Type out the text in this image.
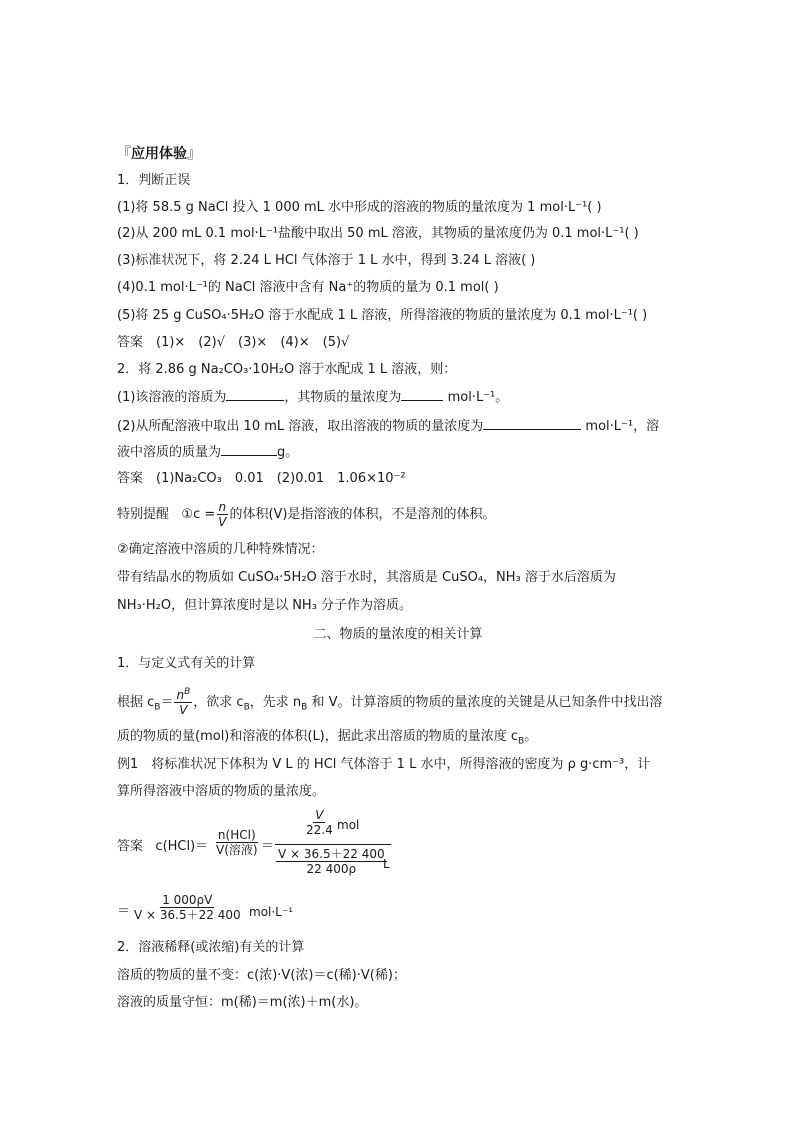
『应用体验』
1．判断正误
(1)将 58.5 g NaCl 投入 1 000 mL 水中形成的溶液的物质的量浓度为 1 mol·L⁻¹( )
(2)从 200 mL 0.1 mol·L⁻¹盐酸中取出 50 mL 溶液，其物质的量浓度仍为 0.1 mol·L⁻¹( )
(3)标准状况下，将 2.24 L HCl 气体溶于 1 L 水中，得到 3.24 L 溶液( )
(4)0.1 mol·L⁻¹的 NaCl 溶液中含有 Na⁺的物质的量为 0.1 mol( )
(5)将 25 g CuSO₄·5H₂O 溶于水配成 1 L 溶液，所得溶液的物质的量浓度为 0.1 mol·L⁻¹( )
答案　(1)×　(2)√　(3)×　(4)×　(5)√
2．将 2.86 g Na₂CO₃·10H₂O 溶于水配成 1 L 溶液，则：
(1)该溶液的溶质为	，其物质的量浓度为	mol·L⁻¹。
(2)从所配溶液中取出 10 mL 溶液，取出溶液的物质的量浓度为	mol·L⁻¹，溶
液中溶质的质量为	g。
答案　(1)Na₂CO₃　0.01　(2)0.01　1.06×10⁻²
特别提醒 ①c = $\frac{n}{V}$ 的体积(V)是指溶液的体积，不是溶剂的体积。
②确定溶液中溶质的几种特殊情况：
带有结晶水的物质如 CuSO₄·5H₂O 溶于水时，其溶质是 CuSO₄，NH₃ 溶于水后溶质为
NH₃·H₂O，但计算浓度时是以 NH₃ 分子作为溶质。
二、物质的量浓度的相关计算
1．与定义式有关的计算
根据 $c_B= \frac{n^B}{V}$ ，欲求 $c_B$，先求 $n_B$ 和 V。计算溶质的物质的量浓度的关键是从已知条件中找出溶
质的物质的量(mol)和溶液的体积(L)，据此求出溶质的物质的量浓度 $c_B$。
例1　将标准状况下体积为 V L 的 HCl 气体溶于 1 L 水中，所得溶液的密度为 ρ g·cm⁻³，计
算所得溶液中溶质的物质的量浓度。
答案 c(HCl)＝
n(HCl)
V(溶液) ＝
$\frac{V}{22.4}$ mol
$\frac{V \times 36.5+22 400}{22 400\rho}$
L
＝ $\frac{1 000\rho V}{V \times 36.5+22 400} mol\cdot L^{-1}$
2．溶液稀释(或浓缩)有关的计算
溶质的物质的量不变：c(浓)·V(浓)＝c(稀)·V(稀)；
溶液的质量守恒：m(稀)＝m(浓)＋m(水)。
